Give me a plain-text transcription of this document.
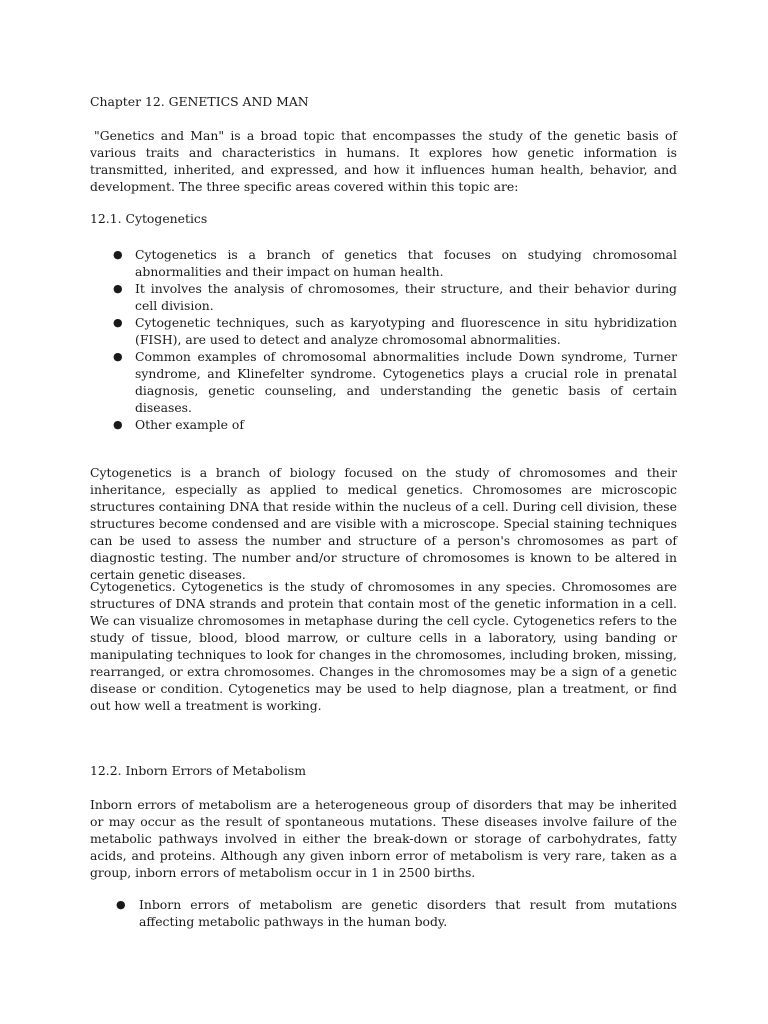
Chapter 12. GENETICS AND MAN

"Genetics and Man" is a broad topic that encompasses the study of the genetic basis of various traits and characteristics in humans. It explores how genetic information is transmitted, inherited, and expressed, and how it influences human health, behavior, and development. The three specific areas covered within this topic are:

12.1. Cytogenetics

● Cytogenetics is a branch of genetics that focuses on studying chromosomal abnormalities and their impact on human health.
● It involves the analysis of chromosomes, their structure, and their behavior during cell division.
● Cytogenetic techniques, such as karyotyping and fluorescence in situ hybridization (FISH), are used to detect and analyze chromosomal abnormalities.
● Common examples of chromosomal abnormalities include Down syndrome, Turner syndrome, and Klinefelter syndrome. Cytogenetics plays a crucial role in prenatal diagnosis, genetic counseling, and understanding the genetic basis of certain diseases.
● Other example of

Cytogenetics is a branch of biology focused on the study of chromosomes and their inheritance, especially as applied to medical genetics. Chromosomes are microscopic structures containing DNA that reside within the nucleus of a cell. During cell division, these structures become condensed and are visible with a microscope. Special staining techniques can be used to assess the number and structure of a person's chromosomes as part of diagnostic testing. The number and/or structure of chromosomes is known to be altered in certain genetic diseases.

Cytogenetics. Cytogenetics is the study of chromosomes in any species. Chromosomes are structures of DNA strands and protein that contain most of the genetic information in a cell. We can visualize chromosomes in metaphase during the cell cycle. Cytogenetics refers to the study of tissue, blood, blood marrow, or culture cells in a laboratory, using banding or manipulating techniques to look for changes in the chromosomes, including broken, missing, rearranged, or extra chromosomes. Changes in the chromosomes may be a sign of a genetic disease or condition. Cytogenetics may be used to help diagnose, plan a treatment, or find out how well a treatment is working.

12.2. Inborn Errors of Metabolism

Inborn errors of metabolism are a heterogeneous group of disorders that may be inherited or may occur as the result of spontaneous mutations. These diseases involve failure of the metabolic pathways involved in either the break-down or storage of carbohydrates, fatty acids, and proteins. Although any given inborn error of metabolism is very rare, taken as a group, inborn errors of metabolism occur in 1 in 2500 births.

● Inborn errors of metabolism are genetic disorders that result from mutations affecting metabolic pathways in the human body.
